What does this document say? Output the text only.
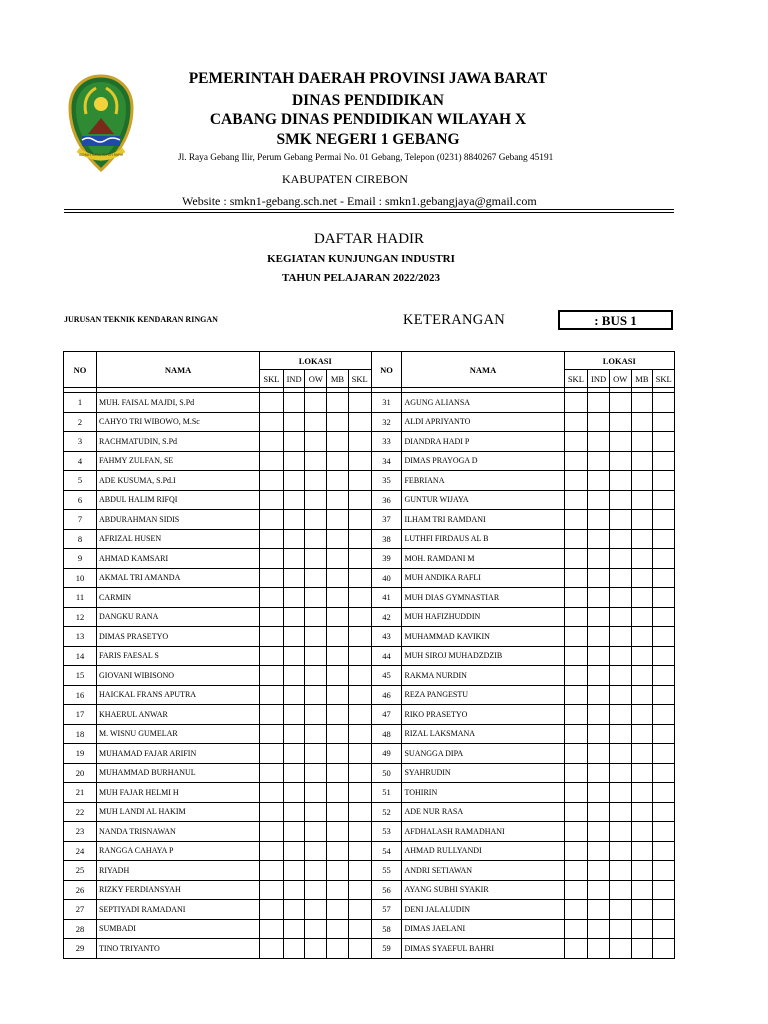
GEMAH RIPAH REPEH RAPIH
PEMERINTAH DAERAH PROVINSI JAWA BARAT
DINAS PENDIDIKAN
CABANG DINAS PENDIDIKAN WILAYAH X
SMK NEGERI 1 GEBANG
Jl. Raya Gebang Ilir, Perum Gebang Permai No. 01 Gebang, Telepon (0231) 8840267 Gebang 45191
KABUPATEN CIREBON
Website : smkn1-gebang.sch.net - Email : smkn1.gebangjaya@gmail.com
DAFTAR HADIR
KEGIATAN KUNJUNGAN INDUSTRI
TAHUN PELAJARAN 2022/2023
JURUSAN TEKNIK KENDARAN RINGAN	KETERANGAN	: BUS 1
NO	NAMA	LOKASI					NO	NAMA	LOKASI				
		SKL	IND	OW	MB	SKL			SKL	IND	OW	MB	SKL

1	MUH. FAISAL MAJDI, S.Pd						31	AGUNG ALIANSA					
2	CAHYO TRI WIBOWO, M.Sc						32	ALDI APRIYANTO					
3	RACHMATUDIN, S.Pd						33	DIANDRA HADI P					
4	FAHMY ZULFAN, SE						34	DIMAS PRAYOGA D					
5	ADE KUSUMA, S.Pd.I						35	FEBRIANA					
6	ABDUL HALIM RIFQI						36	GUNTUR WIJAYA					
7	ABDURAHMAN SIDIS						37	ILHAM TRI RAMDANI					
8	AFRIZAL HUSEN						38	LUTHFI FIRDAUS AL B					
9	AHMAD KAMSARI						39	MOH. RAMDANI M					
10	AKMAL TRI AMANDA						40	MUH ANDIKA RAFLI					
11	CARMIN						41	MUH DIAS GYMNASTIAR					
12	DANGKU RANA						42	MUH HAFIZHUDDIN					
13	DIMAS PRASETYO						43	MUHAMMAD KAVIKIN					
14	FARIS FAESAL S						44	MUH SIROJ MUHADZDZIB					
15	GIOVANI WIBISONO						45	RAKMA NURDIN					
16	HAICKAL FRANS APUTRA						46	REZA PANGESTU					
17	KHAERUL ANWAR						47	RIKO PRASETYO					
18	M. WISNU GUMELAR						48	RIZAL LAKSMANA					
19	MUHAMAD FAJAR ARIFIN						49	SUANGGA DIPA					
20	MUHAMMAD BURHANUL						50	SYAHRUDIN					
21	MUH FAJAR HELMI H						51	TOHIRIN					
22	MUH LANDI AL HAKIM						52	ADE NUR RASA					
23	NANDA TRISNAWAN						53	AFDHALASH RAMADHANI					
24	RANGGA CAHAYA P						54	AHMAD RULLYANDI					
25	RIYADH						55	ANDRI SETIAWAN					
26	RIZKY FERDIANSYAH						56	AYANG SUBHI SYAKIR					
27	SEPTIYADI RAMADANI						57	DENI JALALUDIN					
28	SUMBADI						58	DIMAS JAELANI					
29	TINO TRIYANTO						59	DIMAS SYAEFUL BAHRI					
